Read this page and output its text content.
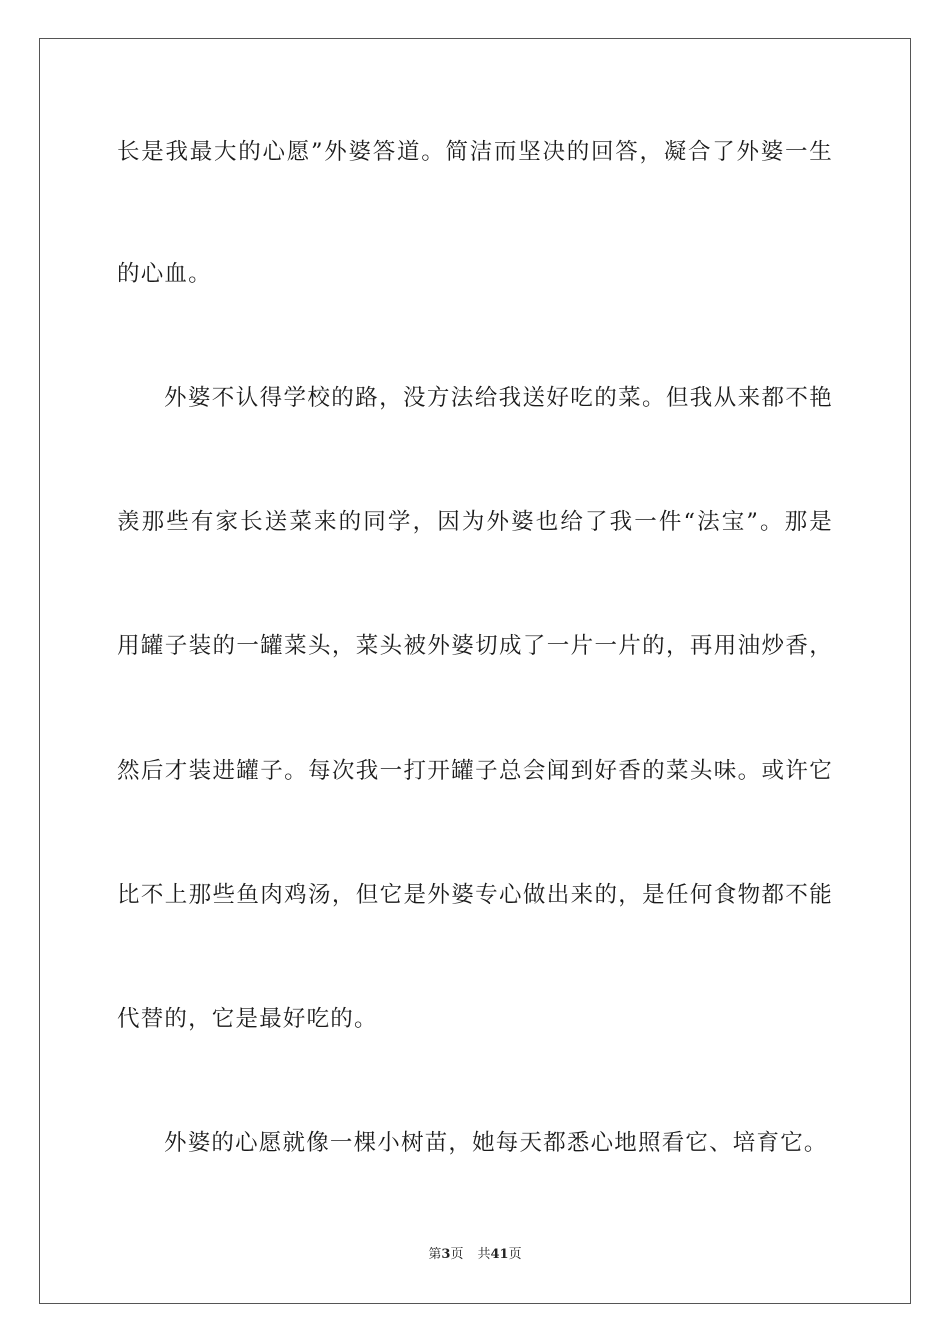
长是我最大的心愿”外婆答道。简洁而坚决的回答，凝合了外婆一生
的心血。
外婆不认得学校的路，没方法给我送好吃的菜。但我从来都不艳
羡那些有家长送菜来的同学，因为外婆也给了我一件“法宝”。那是
用罐子装的一罐菜头，菜头被外婆切成了一片一片的，再用油炒香，
然后才装进罐子。每次我一打开罐子总会闻到好香的菜头味。或许它
比不上那些鱼肉鸡汤，但它是外婆专心做出来的，是任何食物都不能
代替的，它是最好吃的。
外婆的心愿就像一棵小树苗，她每天都悉心地照看它、培育它。
第3页 共41页
